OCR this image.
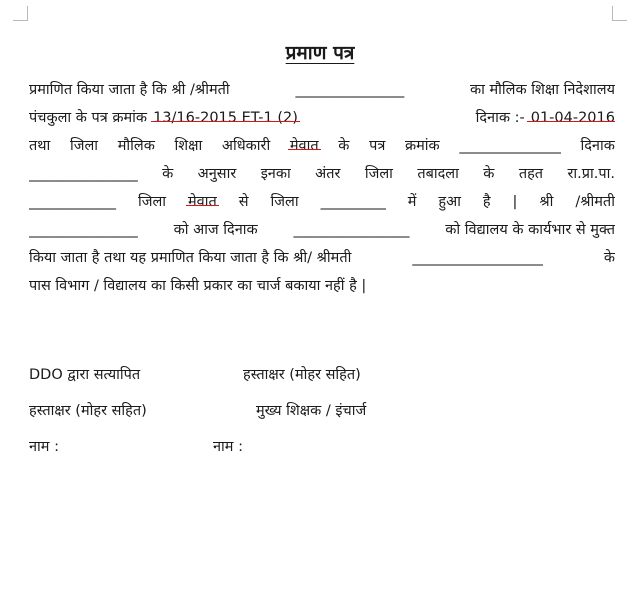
प्रमाण पत्र
प्रमाणित किया जाता है कि श्री /श्रीमती	_______________	का मौलिक शिक्षा निदेशालय
पंचकुला के पत्र क्रमांक 13/16-2015 ET-1 (2)	दिनाक :- 01-04-2016
तथा जिला मौलिक शिक्षा अधिकारी मेवात के पत्र क्रमांक ______________ दिनाक
_______________ के अनुसार इनका अंतर जिला तबादला के तहत रा.प्रा.पा.
____________ जिला मेवात से जिला _________ में हुआ है | श्री /श्रीमती
_______________ को आज दिनाक ________________ को विद्यालय के कार्यभार से मुक्त
किया जाता है तथा यह प्रमाणित किया जाता है कि श्री/ श्रीमती	__________________	के
पास विभाग / विद्यालय का किसी प्रकार का चार्ज बकाया नहीं है |
DDO द्वारा सत्यापित	हस्ताक्षर (मोहर सहित)
हस्ताक्षर (मोहर सहित)	मुख्य शिक्षक / इंचार्ज
नाम :	नाम :
